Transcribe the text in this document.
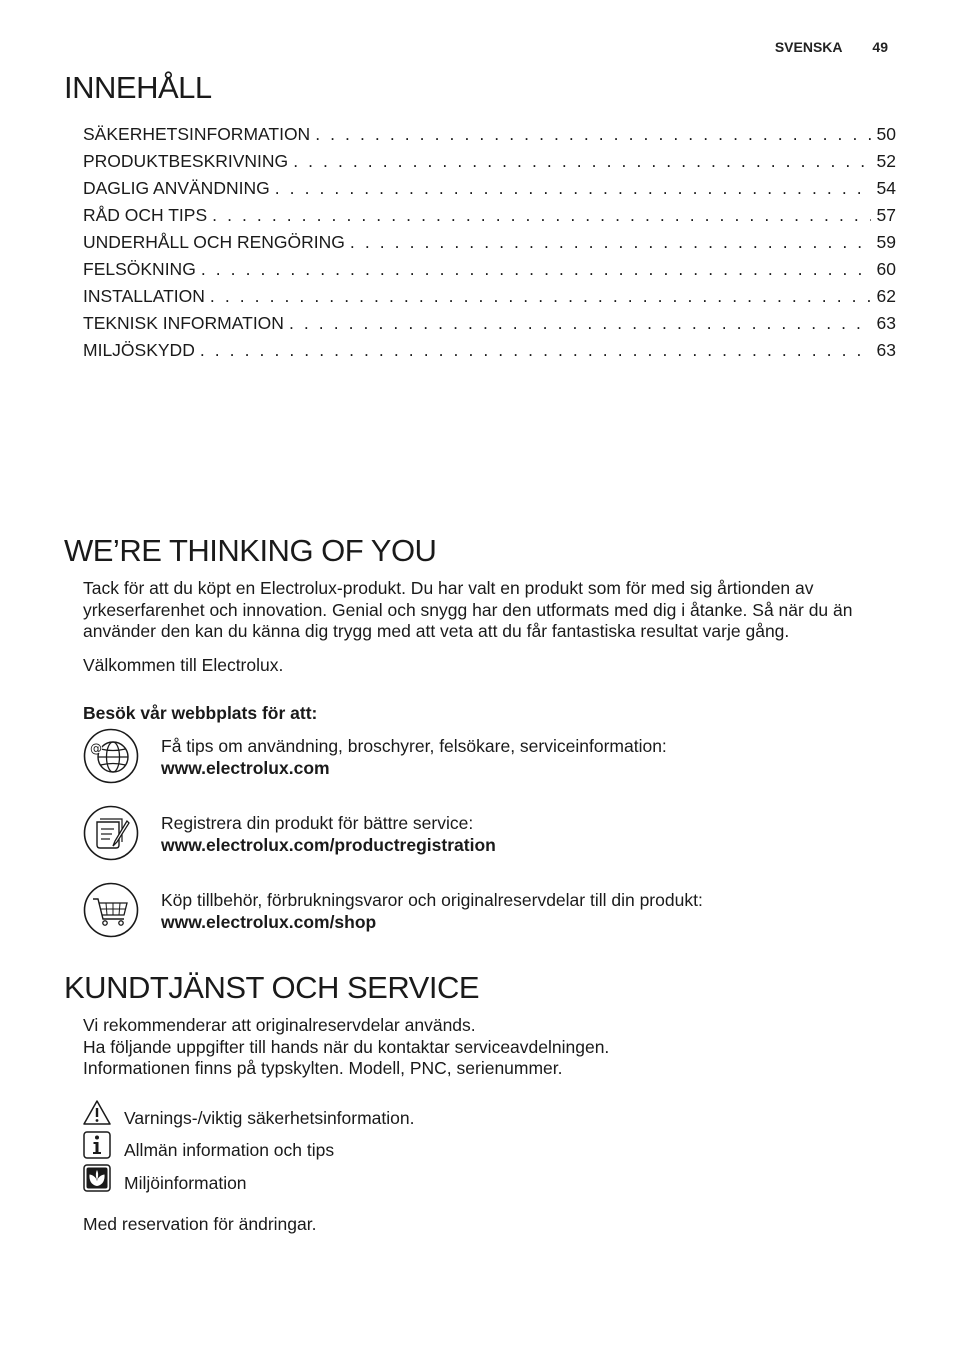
SVENSKA 49
INNEHÅLL
SÄKERHETSINFORMATION . . .	50
PRODUKTBESKRIVNING . . .	52
DAGLIG ANVÄNDNING . . .	54
RÅD OCH TIPS . . .	57
UNDERHÅLL OCH RENGÖRING . . .	59
FELSÖKNING . . .	60
INSTALLATION . . .	62
TEKNISK INFORMATION . . .	63
MILJÖSKYDD . . .	63
WE’RE THINKING OF YOU
Tack för att du köpt en Electrolux-produkt. Du har valt en produkt som för med sig årtionden av
yrkeserfarenhet och innovation. Genial och snygg har den utformats med dig i åtanke. Så när du än
använder den kan du känna dig trygg med att veta att du får fantastiska resultat varje gång.
Välkommen till Electrolux.
Besök vår webbplats för att:
@	Få tips om användning, broschyrer, felsökare, serviceinformation:
www.electrolux.com
Registrera din produkt för bättre service:
www.electrolux.com/productregistration
Köp tillbehör, förbrukningsvaror och originalreservdelar till din produkt:
www.electrolux.com/shop
KUNDTJÄNST OCH SERVICE
Vi rekommenderar att originalreservdelar används.
Ha följande uppgifter till hands när du kontaktar serviceavdelningen.
Informationen finns på typskylten. Modell, PNC, serienummer.
Varnings-/viktig säkerhetsinformation.
Allmän information och tips
Miljöinformation
Med reservation för ändringar.
